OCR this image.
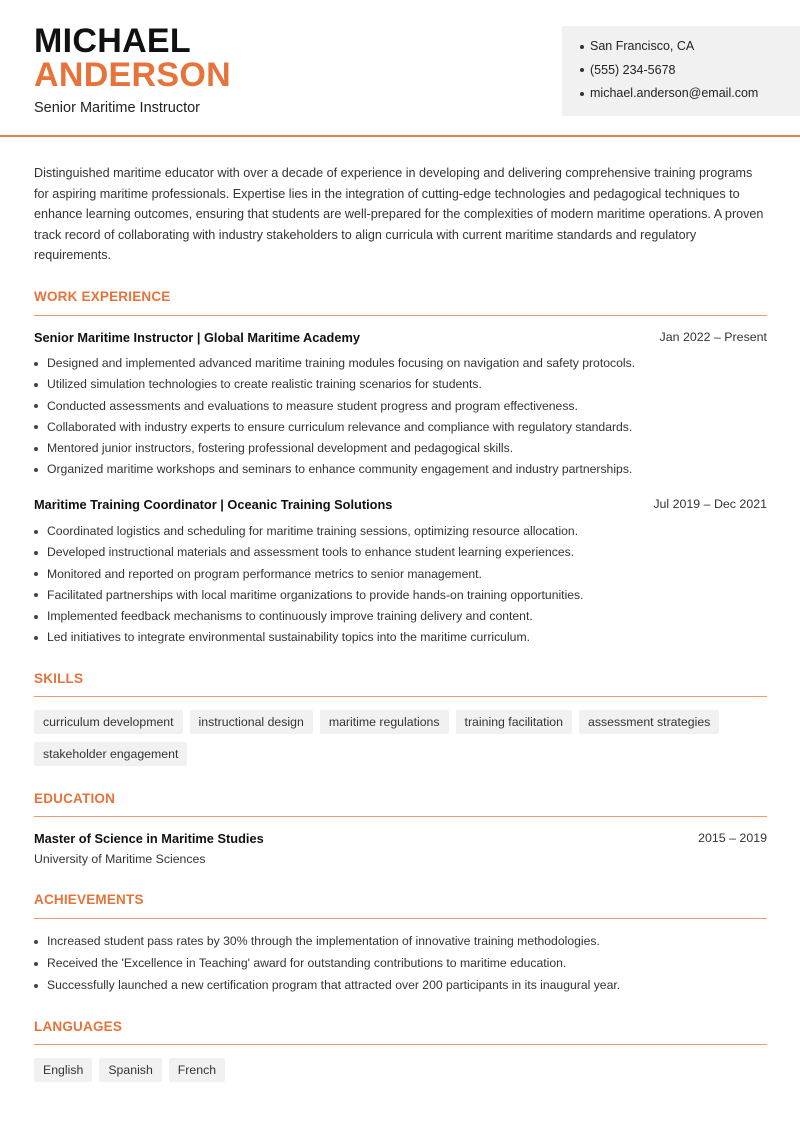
MICHAEL
ANDERSON
Senior Maritime Instructor
San Francisco, CA
(555) 234-5678
michael.anderson@email.com

Distinguished maritime educator with over a decade of experience in developing and delivering comprehensive training programs for aspiring maritime professionals. Expertise lies in the integration of cutting-edge technologies and pedagogical techniques to enhance learning outcomes, ensuring that students are well-prepared for the complexities of modern maritime operations. A proven track record of collaborating with industry stakeholders to align curricula with current maritime standards and regulatory requirements.

WORK EXPERIENCE
Senior Maritime Instructor | Global Maritime Academy	Jan 2022 – Present
Designed and implemented advanced maritime training modules focusing on navigation and safety protocols.
Utilized simulation technologies to create realistic training scenarios for students.
Conducted assessments and evaluations to measure student progress and program effectiveness.
Collaborated with industry experts to ensure curriculum relevance and compliance with regulatory standards.
Mentored junior instructors, fostering professional development and pedagogical skills.
Organized maritime workshops and seminars to enhance community engagement and industry partnerships.
Maritime Training Coordinator | Oceanic Training Solutions	Jul 2019 – Dec 2021
Coordinated logistics and scheduling for maritime training sessions, optimizing resource allocation.
Developed instructional materials and assessment tools to enhance student learning experiences.
Monitored and reported on program performance metrics to senior management.
Facilitated partnerships with local maritime organizations to provide hands-on training opportunities.
Implemented feedback mechanisms to continuously improve training delivery and content.
Led initiatives to integrate environmental sustainability topics into the maritime curriculum.
SKILLS
curriculum development	instructional design	maritime regulations	training facilitation	assessment strategies
stakeholder engagement
EDUCATION
Master of Science in Maritime Studies	2015 – 2019
University of Maritime Sciences
ACHIEVEMENTS
Increased student pass rates by 30% through the implementation of innovative training methodologies.
Received the 'Excellence in Teaching' award for outstanding contributions to maritime education.
Successfully launched a new certification program that attracted over 200 participants in its inaugural year.
LANGUAGES
English	Spanish	French
